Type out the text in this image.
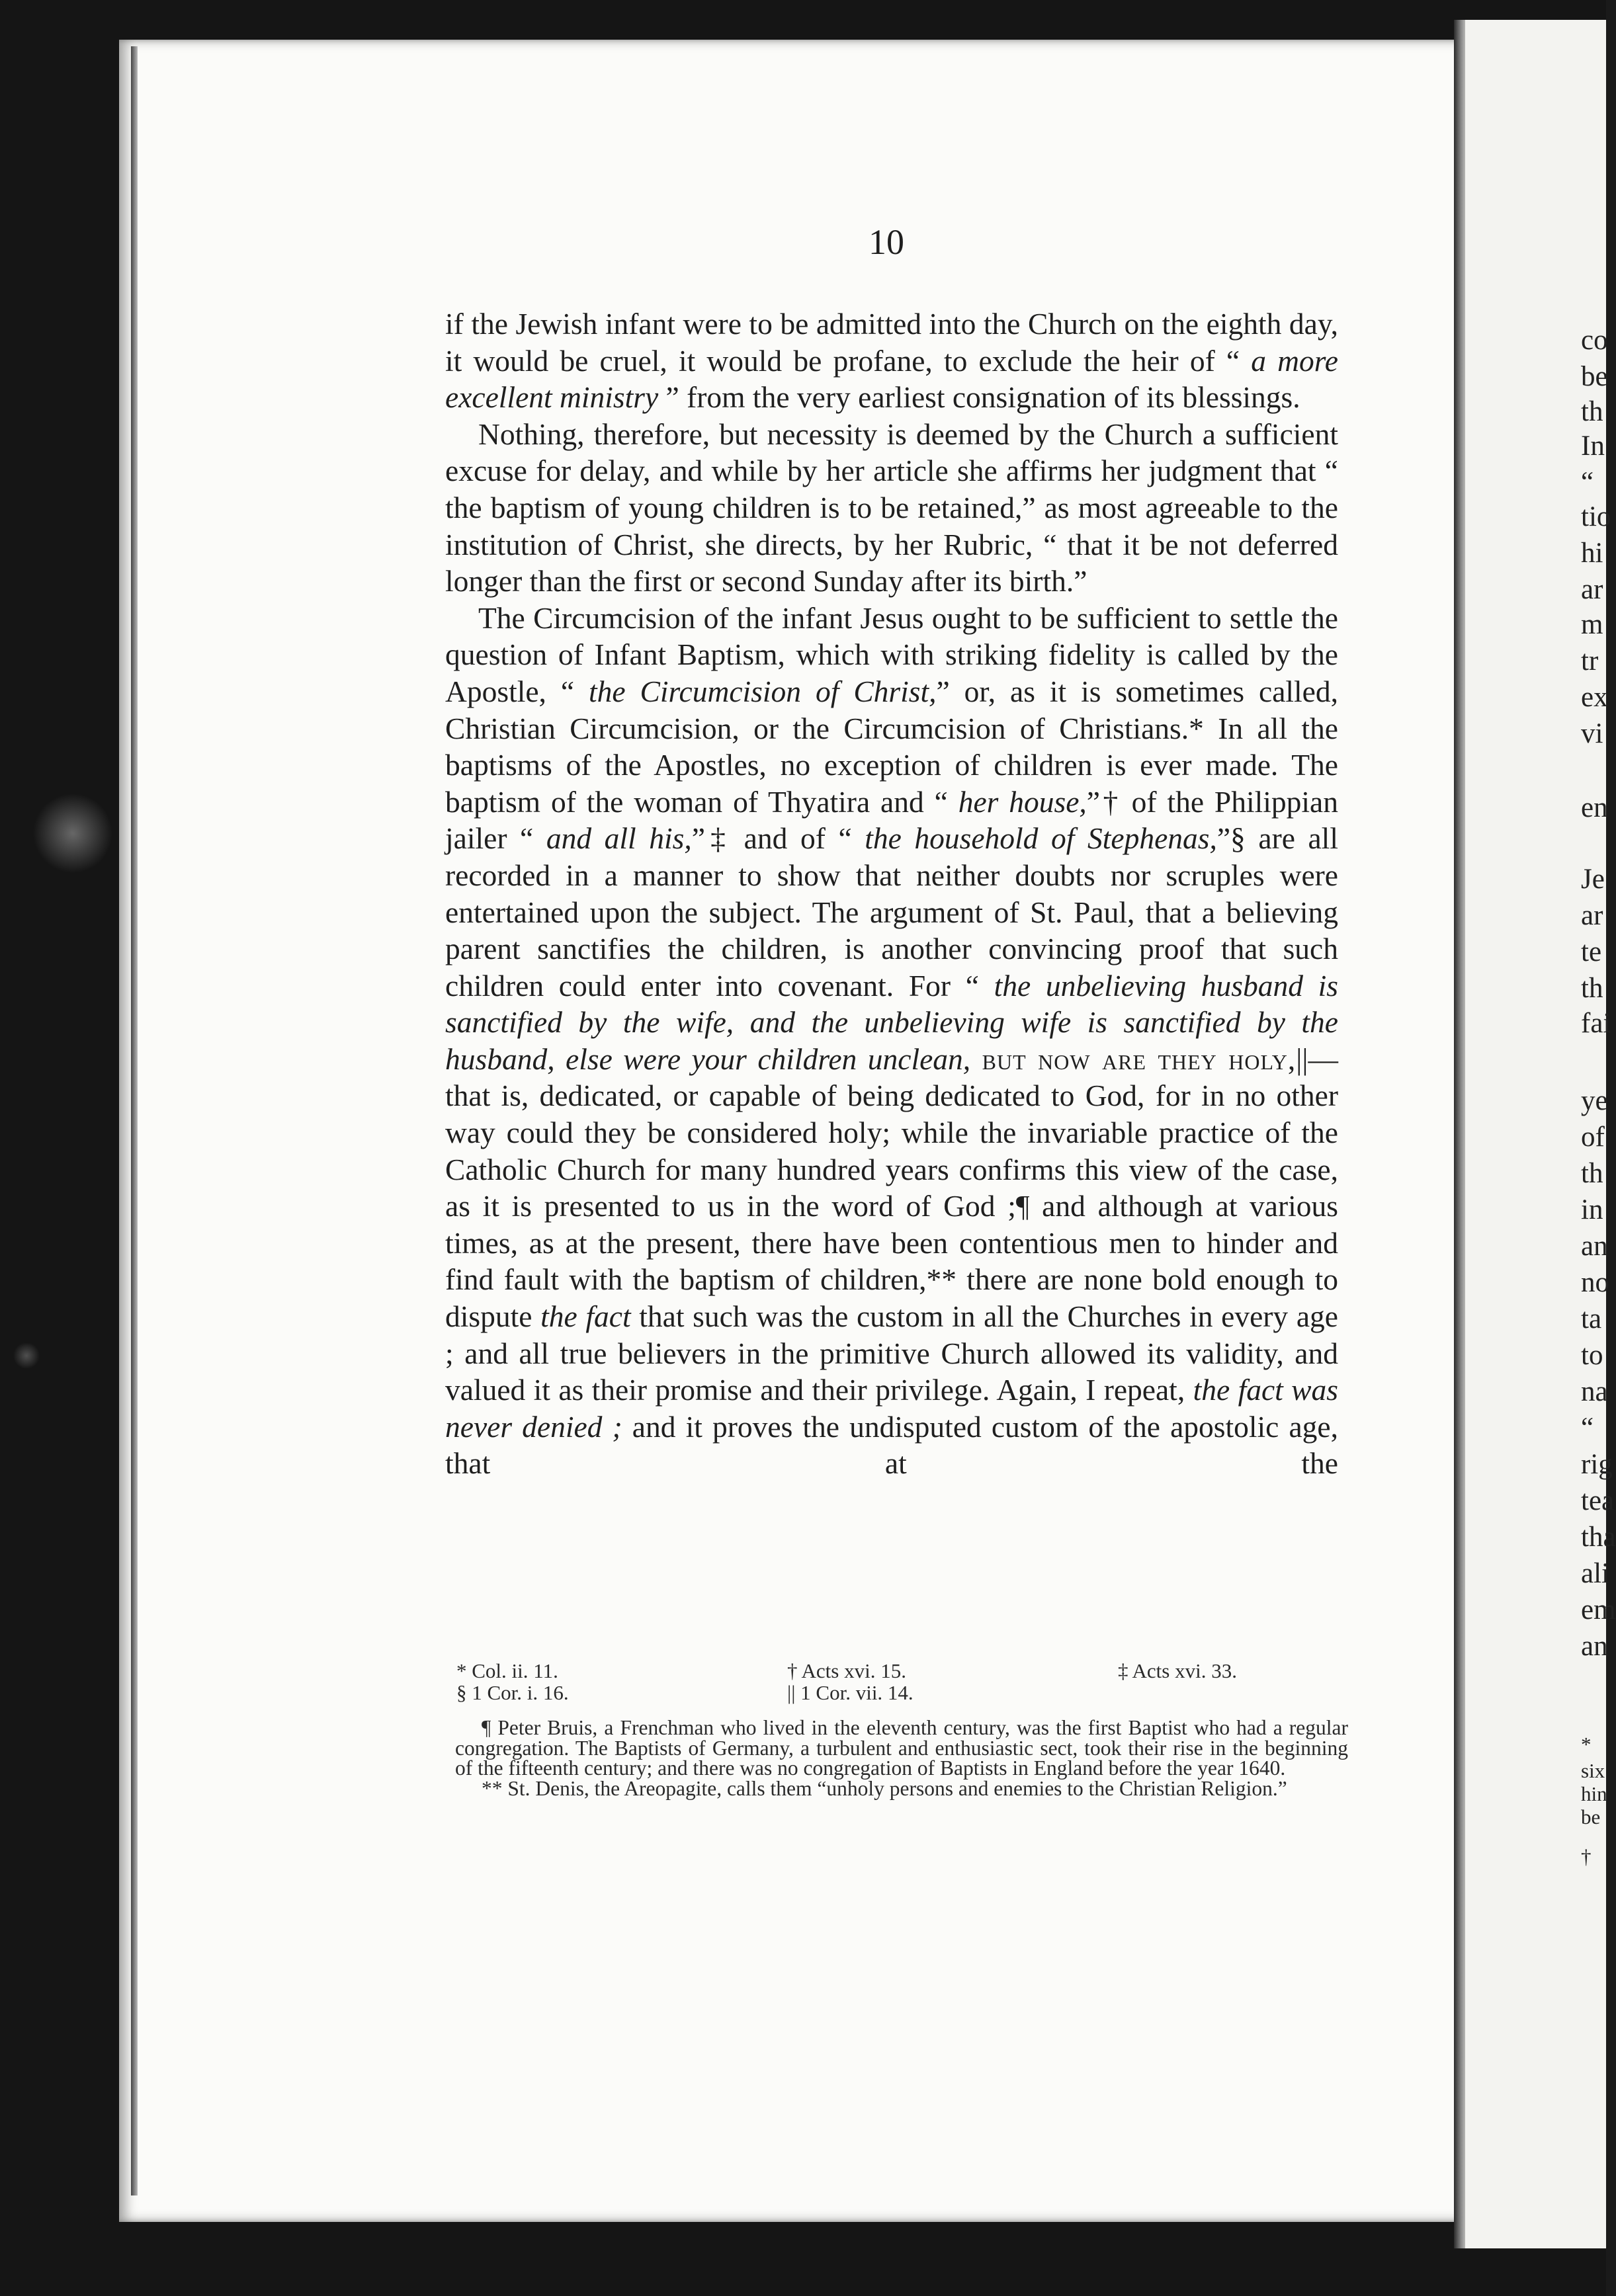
10

if the Jewish infant were to be admitted into the Church on the eighth day, it would be cruel, it would be profane, to exclude the heir of “ a more excellent ministry ” from the very earliest consignation of its blessings.

Nothing, therefore, but necessity is deemed by the Church a sufficient excuse for delay, and while by her article she affirms her judgment that “ the baptism of young children is to be retained,” as most agreeable to the institution of Christ, she directs, by her Rubric, “ that it be not deferred longer than the first or second Sunday after its birth.”

The Circumcision of the infant Jesus ought to be sufficient to settle the question of Infant Baptism, which with striking fidelity is called by the Apostle, “ the Circumcision of Christ,” or, as it is sometimes called, Christian Circumcision, or the Circumcision of Christians.* In all the baptisms of the Apostles, no exception of children is ever made. The baptism of the woman of Thyatira and “ her house,”† of the Philippian jailer “ and all his,”‡ and of “ the household of Stephenas,”§ are all recorded in a manner to show that neither doubts nor scruples were entertained upon the subject. The argument of St. Paul, that a believing parent sanctifies the children, is another convincing proof that such children could enter into covenant. For “ the unbelieving husband is sanctified by the wife, and the unbelieving wife is sanctified by the husband, else were your children unclean, but now are they holy,||—that is, dedicated, or capable of being dedicated to God, for in no other way could they be considered holy; while the invariable practice of the Catholic Church for many hundred years confirms this view of the case, as it is presented to us in the word of God ;¶ and although at various times, as at the present, there have been contentious men to hinder and find fault with the baptism of children,** there are none bold enough to dispute the fact that such was the custom in all the Churches in every age ; and all true believers in the primitive Church allowed its validity, and valued it as their promise and their privilege. Again, I repeat, the fact was never denied ; and it proves the undisputed custom of the apostolic age, that at the

* Col. ii. 11.	† Acts xvi. 15.	‡ Acts xvi. 33.
§ 1 Cor. i. 16.	|| 1 Cor. vii. 14.

¶ Peter Bruis, a Frenchman who lived in the eleventh century, was the first Baptist who had a regular congregation. The Baptists of Germany, a turbulent and enthusiastic sect, took their rise in the beginning of the fifteenth century; and there was no congregation of Baptists in England before the year 1640.

** St. Denis, the Areopagite, calls them “unholy persons and enemies to the Christian Religion.”

co
be
th
In
“
tio
hi
ar
m
tr
ex
vi
en
Je
ar
te
th
fai
ye
of
th
in
an
no
ta
to
na
“
rig
tea
tha
ali
em
an
*
six
hin
be
†
